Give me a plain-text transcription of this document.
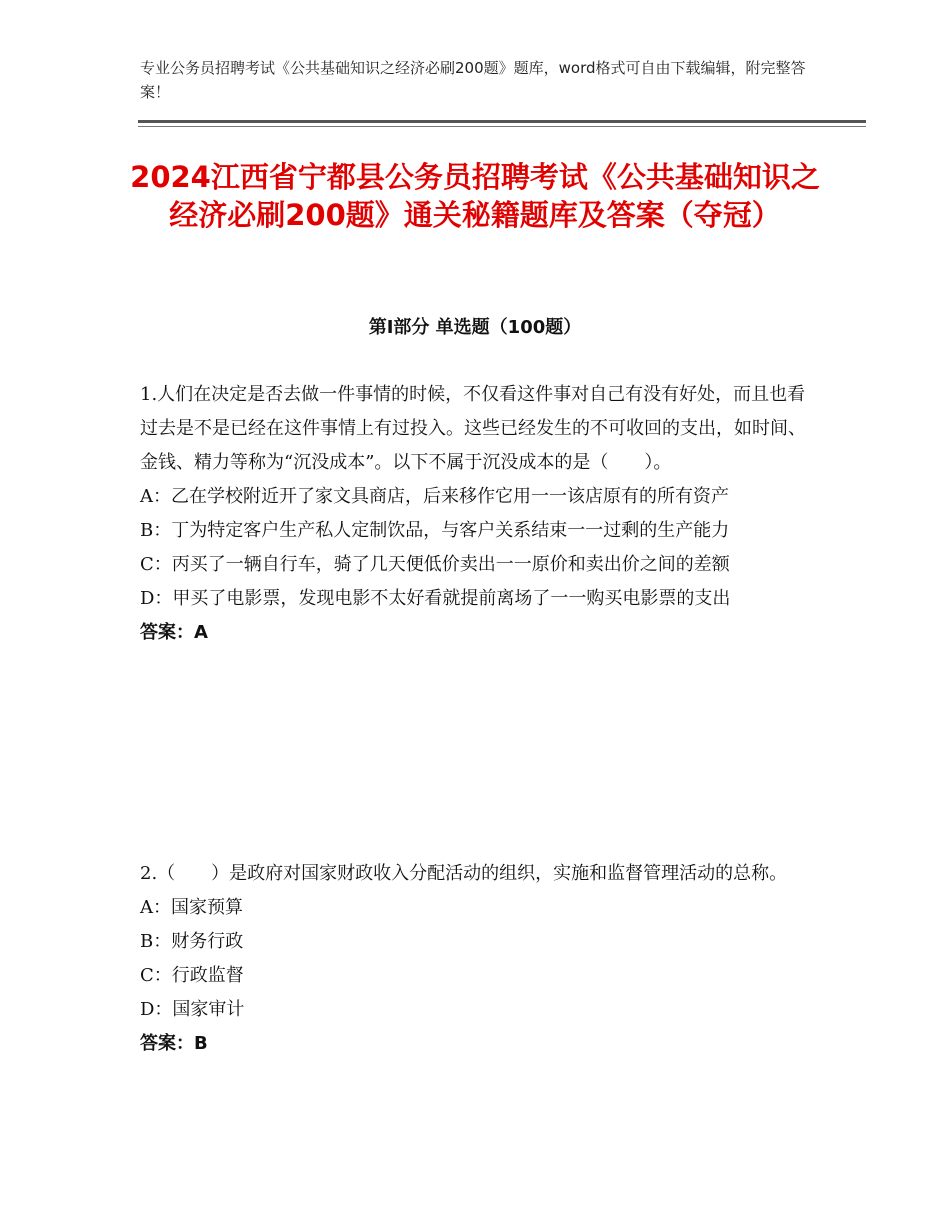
专业公务员招聘考试《公共基础知识之经济必刷200题》题库，word格式可自由下载编辑，附完整答案！
2024江西省宁都县公务员招聘考试《公共基础知识之经济必刷200题》通关秘籍题库及答案（夺冠）
第I部分 单选题（100题）

1.人们在决定是否去做一件事情的时候，不仅看这件事对自己有没有好处，而且也看过去是不是已经在这件事情上有过投入。这些已经发生的不可收回的支出，如时间、金钱、精力等称为“沉没成本”。以下不属于沉没成本的是（　　）。

A：乙在学校附近开了家文具商店，后来移作它用一一该店原有的所有资产

B：丁为特定客户生产私人定制饮品，与客户关系结束一一过剩的生产能力

C：丙买了一辆自行车，骑了几天便低价卖出一一原价和卖出价之间的差额

D：甲买了电影票，发现电影不太好看就提前离场了一一购买电影票的支出

答案：A

2.（　　）是政府对国家财政收入分配活动的组织，实施和监督管理活动的总称。

A：国家预算

B：财务行政

C：行政监督

D：国家审计

答案：B
